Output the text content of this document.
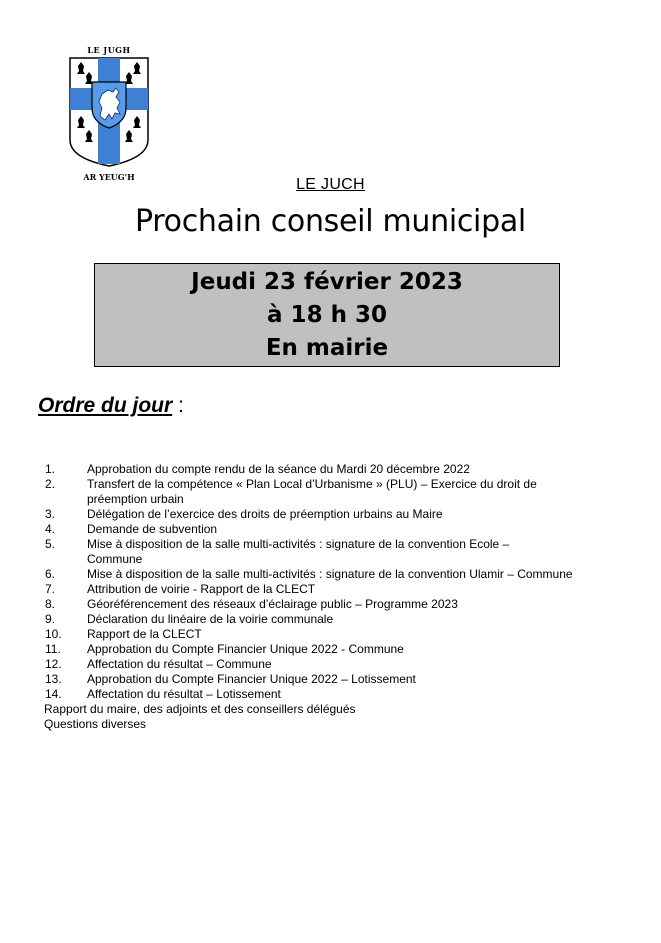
LE JUGH
AR YEUG'H	LE JUCH
Prochain conseil municipal
Jeudi 23 février 2023
à 18 h 30
En mairie
Ordre du jour :
1.	Approbation du compte rendu de la séance du Mardi 20 décembre 2022
2.	Transfert de la compétence « Plan Local d’Urbanisme » (PLU) – Exercice du droit de
préemption urbain
3.	Délégation de l’exercice des droits de préemption urbains au Maire
4.	Demande de subvention
5.	Mise à disposition de la salle multi-activités : signature de la convention Ecole –
Commune
6.	Mise à disposition de la salle multi-activités : signature de la convention Ulamir – Commune
7.	Attribution de voirie - Rapport de la CLECT
8.	Géoréférencement des réseaux d’éclairage public – Programme 2023
9.	Déclaration du linéaire de la voirie communale
10. Rapport de la CLECT
11. Approbation du Compte Financier Unique 2022 - Commune
12. Affectation du résultat – Commune
13. Approbation du Compte Financier Unique 2022 – Lotissement
14. Affectation du résultat – Lotissement
Rapport du maire, des adjoints et des conseillers délégués
Questions diverses
